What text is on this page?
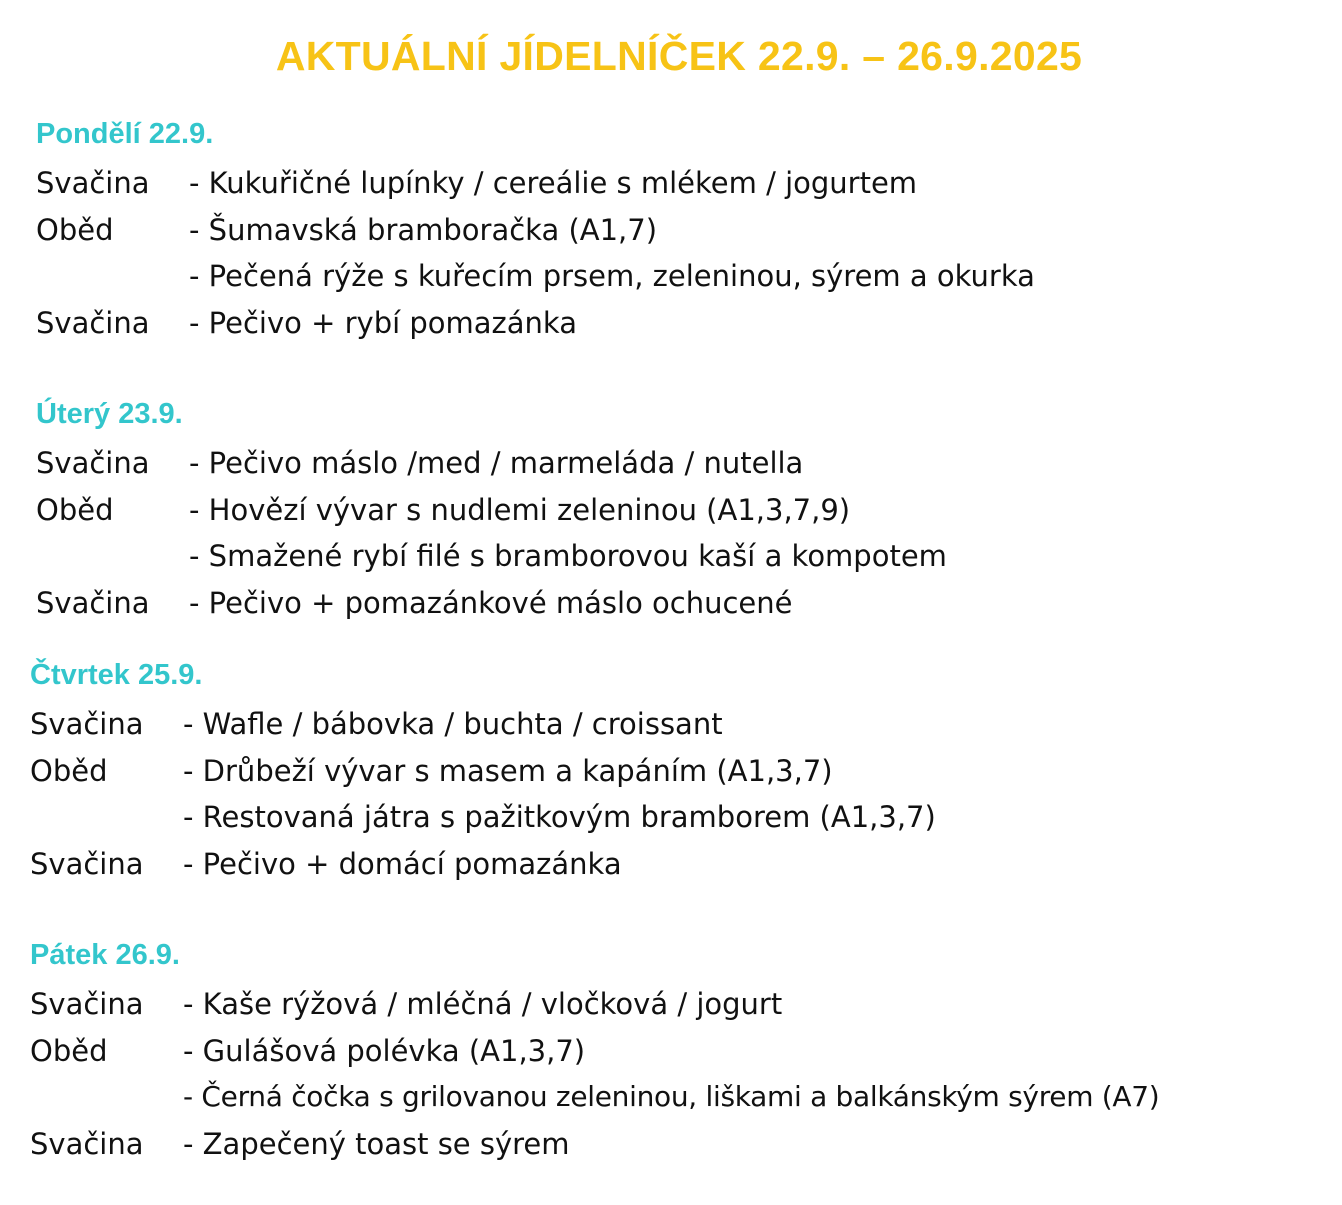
AKTUÁLNÍ JÍDELNÍČEK 22.9. – 26.9.2025
Pondělí 22.9.
Svačina - Kukuřičné lupínky / cereálie s mlékem / jogurtem
Oběd	- Šumavská bramboračka (A1,7)
- Pečená rýže s kuřecím prsem, zeleninou, sýrem a okurka
Svačina - Pečivo + rybí pomazánka
Úterý 23.9.
Svačina - Pečivo máslo /med / marmeláda / nutella
Oběd	- Hovězí vývar s nudlemi zeleninou (A1,3,7,9)
- Smažené rybí filé s bramborovou kaší a kompotem
Svačina - Pečivo + pomazánkové máslo ochucené
Čtvrtek 25.9.
Svačina - Wafle / bábovka / buchta / croissant
Oběd	- Drůbeží vývar s masem a kapáním (A1,3,7)
- Restovaná játra s pažitkovým bramborem (A1,3,7)
Svačina - Pečivo + domácí pomazánka
Pátek 26.9.
Svačina - Kaše rýžová / mléčná / vločková / jogurt
Oběd	- Gulášová polévka (A1,3,7)
- Černá čočka s grilovanou zeleninou, liškami a balkánským sýrem (A7)
Svačina - Zapečený toast se sýrem
